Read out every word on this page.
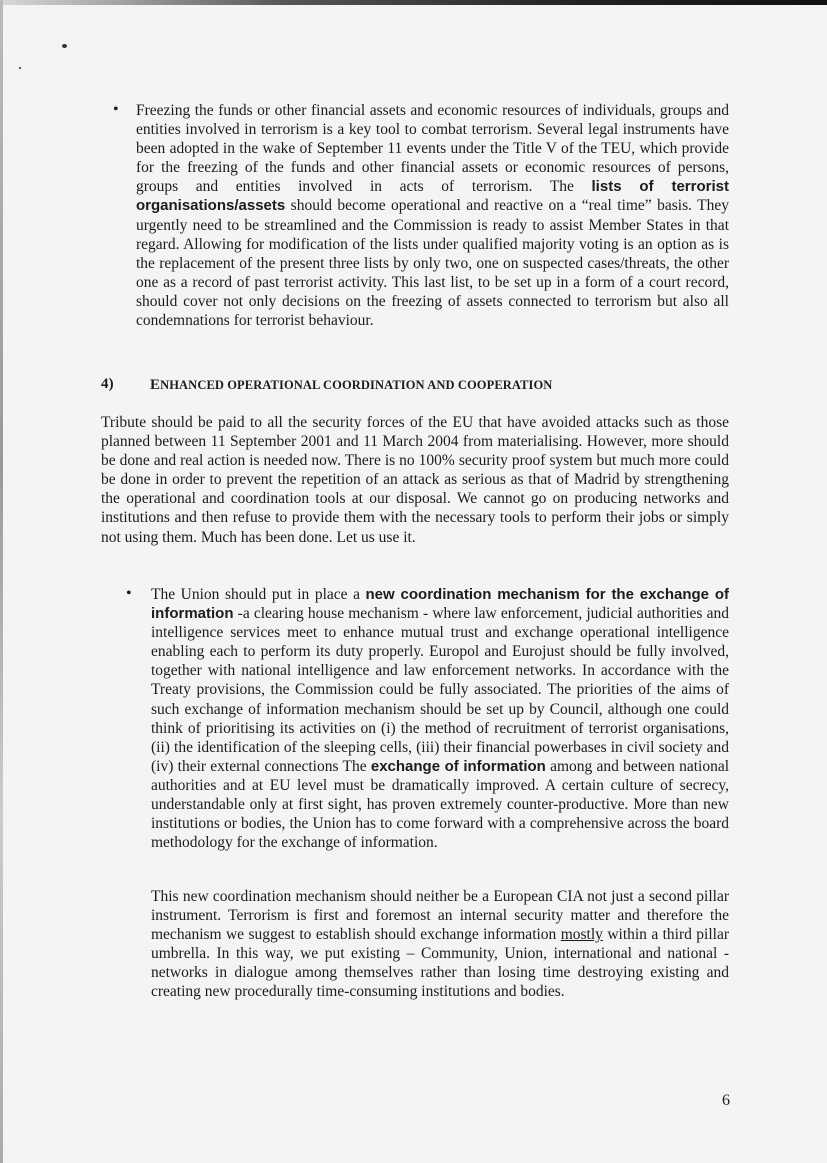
• Freezing the funds or other financial assets and economic resources of individuals, groups and entities involved in terrorism is a key tool to combat terrorism. Several legal instruments have been adopted in the wake of September 11 events under the Title V of the TEU, which provide for the freezing of the funds and other financial assets or economic resources of persons, groups and entities involved in acts of terrorism. The lists of terrorist organisations/assets should become operational and reactive on a “real time” basis. They urgently need to be streamlined and the Commission is ready to assist Member States in that regard. Allowing for modification of the lists under qualified majority voting is an option as is the replacement of the present three lists by only two, one on suspected cases/threats, the other one as a record of past terrorist activity. This last list, to be set up in a form of a court record, should cover not only decisions on the freezing of assets connected to terrorism but also all condemnations for terrorist behaviour.
4) ENHANCED OPERATIONAL COORDINATION AND COOPERATION
Tribute should be paid to all the security forces of the EU that have avoided attacks such as those planned between 11 September 2001 and 11 March 2004 from materialising. However, more should be done and real action is needed now. There is no 100% security proof system but much more could be done in order to prevent the repetition of an attack as serious as that of Madrid by strengthening the operational and coordination tools at our disposal. We cannot go on producing networks and institutions and then refuse to provide them with the necessary tools to perform their jobs or simply not using them. Much has been done. Let us use it.
• The Union should put in place a new coordination mechanism for the exchange of information -a clearing house mechanism - where law enforcement, judicial authorities and intelligence services meet to enhance mutual trust and exchange operational intelligence enabling each to perform its duty properly. Europol and Eurojust should be fully involved, together with national intelligence and law enforcement networks. In accordance with the Treaty provisions, the Commission could be fully associated. The priorities of the aims of such exchange of information mechanism should be set up by Council, although one could think of prioritising its activities on (i) the method of recruitment of terrorist organisations, (ii) the identification of the sleeping cells, (iii) their financial powerbases in civil society and (iv) their external connections The exchange of information among and between national authorities and at EU level must be dramatically improved. A certain culture of secrecy, understandable only at first sight, has proven extremely counter-productive. More than new institutions or bodies, the Union has to come forward with a comprehensive across the board methodology for the exchange of information.
This new coordination mechanism should neither be a European CIA not just a second pillar instrument. Terrorism is first and foremost an internal security matter and therefore the mechanism we suggest to establish should exchange information mostly within a third pillar umbrella. In this way, we put existing – Community, Union, international and national - networks in dialogue among themselves rather than losing time destroying existing and creating new procedurally time-consuming institutions and bodies.
6
